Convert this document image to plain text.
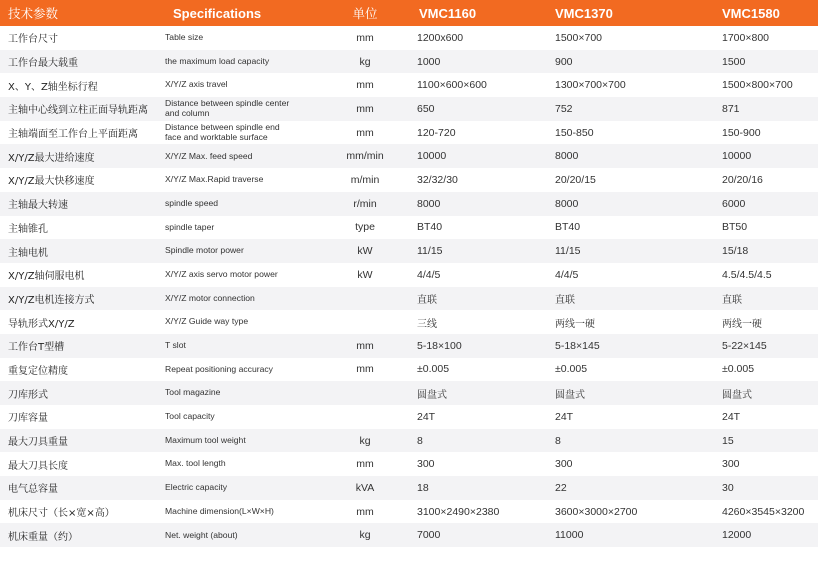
技术参数	Specifications	单位	VMC1160	VMC1370	VMC1580
工作台尺寸	Table size	mm	1200x600	1500×700	1700×800
工作台最大载重	the maximum load capacity	kg	1000	900	1500
X、Y、Z轴坐标行程	X/Y/Z axis travel	mm	1100×600×600	1300×700×700	1500×800×700
主轴中心线到立柱正面导轨距离	Distance between spindle center
and column	mm	650	752	871
主轴端面至工作台上平面距离	Distance between spindle end
face and worktable surface	mm	120-720	150-850	150-900
X/Y/Z最大进给速度	X/Y/Z Max. feed speed	mm/min	10000	8000	10000
X/Y/Z最大快移速度	X/Y/Z Max.Rapid traverse	m/min	32/32/30	20/20/15	20/20/16
主轴最大转速	spindle speed	r/min	8000	8000	6000
主轴锥孔	spindle taper	type	BT40	BT40	BT50
主轴电机	Spindle motor power	kW	11/15	11/15	15/18
X/Y/Z轴伺服电机	X/Y/Z axis servo motor power	kW	4/4/5	4/4/5	4.5/4.5/4.5
X/Y/Z电机连接方式	X/Y/Z motor connection		直联	直联	直联
导轨形式X/Y/Z	X/Y/Z Guide way type		三线	两线一硬	两线一硬
工作台T型槽	T slot	mm	5-18×100	5-18×145	5-22×145
重复定位精度	Repeat positioning accuracy	mm	±0.005	±0.005	±0.005
刀库形式	Tool magazine		圆盘式	圆盘式	圆盘式
刀库容量	Tool capacity		24T	24T	24T
最大刀具重量	Maximum tool weight	kg	8	8	15
最大刀具长度	Max. tool length	mm	300	300	300
电气总容量	Electric capacity	kVA	18	22	30
机床尺寸（长×宽×高）	Machine dimension(L×W×H)	mm	3100×2490×2380	3600×3000×2700	4260×3545×3200
机床重量（约）	Net. weight (about)	kg	7000	11000	12000
